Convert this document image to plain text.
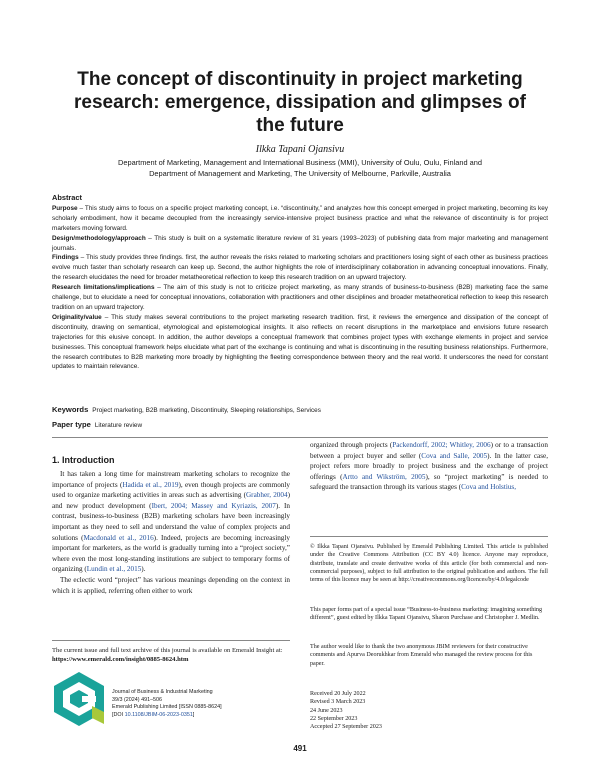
The concept of discontinuity in project marketing research: emergence, dissipation and glimpses of the future
Ilkka Tapani Ojansivu
Department of Marketing, Management and International Business (MMI), University of Oulu, Oulu, Finland and
Department of Management and Marketing, The University of Melbourne, Parkville, Australia
Abstract

Purpose – This study aims to focus on a specific project marketing concept, i.e. “discontinuity,” and analyzes how this concept emerged in project marketing, becoming its key scholarly embodiment, how it became decoupled from the increasingly service-intensive project business practice and what the relevance of discontinuity is for project marketers moving forward.

Design/methodology/approach – This study is built on a systematic literature review of 31 years (1993–2023) of publishing data from major marketing and management journals.

Findings – This study provides three findings. first, the author reveals the risks related to marketing scholars and practitioners losing sight of each other as business practices evolve much faster than scholarly research can keep up. Second, the author highlights the role of interdisciplinary collaboration in advancing conceptual innovations. Finally, the research elucidates the need for broader metatheoretical reflection to keep this research tradition on an upward trajectory.

Research limitations/implications – The aim of this study is not to criticize project marketing, as many strands of business-to-business (B2B) marketing face the same challenge, but to elucidate a need for conceptual innovations, collaboration with practitioners and other disciplines and broader metatheoretical reflection to keep this research tradition on an upward trajectory.

Originality/value – This study makes several contributions to the project marketing research tradition. first, it reviews the emergence and dissipation of the concept of discontinuity, drawing on semantical, etymological and epistemological insights. It also reflects on recent disruptions in the marketplace and envisions future research trajectories for this elusive concept. In addition, the author develops a conceptual framework that combines project types with exchange elements in project and service businesses. This conceptual framework helps elucidate what part of the exchange is continuing and what is discontinuing in the resulting business relationships. Furthermore, the research contributes to B2B marketing more broadly by highlighting the fleeting correspondence between theory and the real world. It underscores the need for constant updates to maintain relevance.

Keywords Project marketing, B2B marketing, Discontinuity, Sleeping relationships, Services
Paper type Literature review
1. Introduction

It has taken a long time for mainstream marketing scholars to recognize the importance of projects (Hadida et al., 2019), even though projects are commonly used to organize marketing activities in areas such as advertising (Grabher, 2004) and new product development (Ibert, 2004; Massey and Kyriazis, 2007). In contrast, business-to-business (B2B) marketing scholars have been increasingly important as they need to sell and understand the value of complex projects and solutions (Macdonald et al., 2016). Indeed, projects are becoming increasingly important for marketers, as the world is gradually turning into a “project society,” where even the most long-standing institutions are subject to temporary forms of organizing (Lundin et al., 2015).

The eclectic word “project” has various meanings depending on the context in which it is applied, referring often either to work

organized through projects (Packendorff, 2002; Whitley, 2006) or to a transaction between a project buyer and seller (Cova and Salle, 2005). In the latter case, project refers more broadly to project business and the exchange of project offerings (Artto and Wikström, 2005), so “project marketing” is needed to safeguard the transaction through its various stages (Cova and Holstius,

The current issue and full text archive of this journal is available on Emerald Insight at: https://www.emerald.com/insight/0885-8624.htm
Journal of Business & Industrial Marketing
39/3 (2024) 491–506
Emerald Publishing Limited [ISSN 0885-8624]
[DOI 10.1108/JBIM-06-2023-0351]
© Ilkka Tapani Ojansivu. Published by Emerald Publishing Limited. This article is published under the Creative Commons Attribution (CC BY 4.0) licence. Anyone may reproduce, distribute, translate and create derivative works of this article (for both commercial and non-commercial purposes), subject to full attribution to the original publication and authors. The full terms of this licence may be seen at http://creativecommons.org/licences/by/4.0/legalcode
This paper forms part of a special issue “Business-to-business marketing: imagining something different”, guest edited by Ilkka Tapani Ojansivu, Sharon Purchase and Christopher J. Medlin.
The author would like to thank the two anonymous JBIM reviewers for their constructive comments and Apurva Deorukhkar from Emerald who managed the review process for this paper.
Received 20 July 2022
Revised 3 March 2023
24 June 2023
22 September 2023
Accepted 27 September 2023
491
